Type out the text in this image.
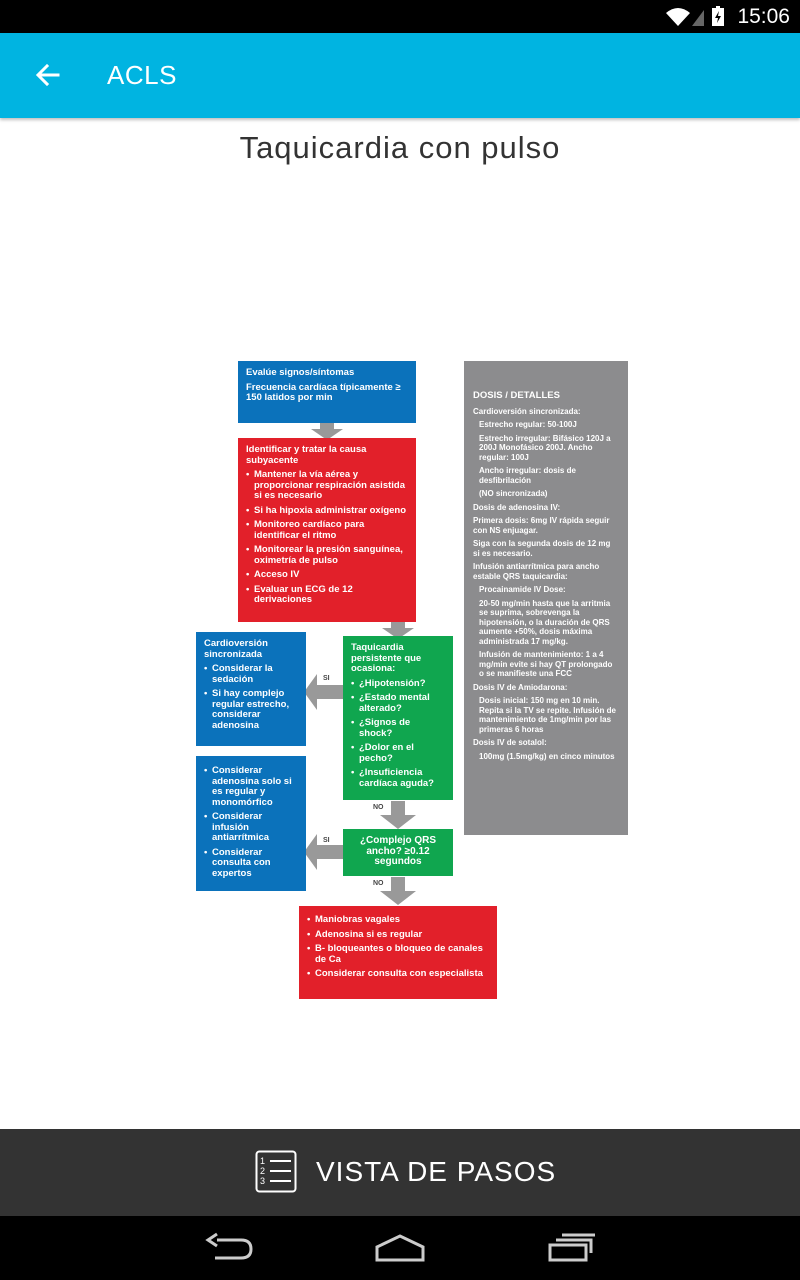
15:06
ACLS
Taquicardia con pulso
Evalúe signos/síntomas
Frecuencia cardíaca típicamente ≥ 150 latidos por min
Identificar y tratar la causa subyacente
• Mantener la vía aérea y proporcionar respiración asistida si es necesario
• Si ha hipoxia administrar oxígeno
• Monitoreo cardíaco para identificar el ritmo
• Monitorear la presión sanguínea, oximetría de pulso
• Acceso IV
• Evaluar un ECG de 12 derivaciones
Taquicardia persistente que ocasiona:
• ¿Hipotensión?
• ¿Estado mental alterado?
• ¿Signos de shock?
• ¿Dolor en el pecho?
• ¿Insuficiencia cardíaca aguda?
SI
Cardioversión sincronizada
• Considerar la sedación
• Si hay complejo regular estrecho, considerar adenosina
NO
¿Complejo QRS ancho? ≥0.12 segundos
SI
• Considerar adenosina solo si es regular y monomórfico
• Considerar infusión antiarrítmica
• Considerar consulta con expertos
NO
• Maniobras vagales
• Adenosina si es regular
• B- bloqueantes o bloqueo de canales de Ca
• Considerar consulta con especialista
DOSIS / DETALLES

Cardioversión sincronizada:

Estrecho regular: 50-100J

Estrecho irregular: Bifásico 120J a 200J Monofásico 200J. Ancho regular: 100J

Ancho irregular: dosis de desfibrilación

(NO sincronizada)

Dosis de adenosina IV:

Primera dosis: 6mg IV rápida seguir con NS enjuagar.

Siga con la segunda dosis de 12 mg si es necesario.

Infusión antiarrítmica para ancho estable QRS taquicardia:

Procainamide IV Dose:

20-50 mg/min hasta que la arritmia se suprima, sobrevenga la hipotensión, o la duración de QRS aumente +50%, dosis máxima administrada 17 mg/kg.

Infusión de mantenimiento: 1 a 4 mg/min evite si hay QT prolongado o se manifieste una FCC

Dosis IV de Amiodarona:

Dosis inicial: 150 mg en 10 min. Repita si la TV se repite. Infusión de mantenimiento de 1mg/min por las primeras 6 horas

Dosis IV de sotalol:

100mg (1.5mg/kg) en cinco minutos

1
2
3 VISTA DE PASOS
